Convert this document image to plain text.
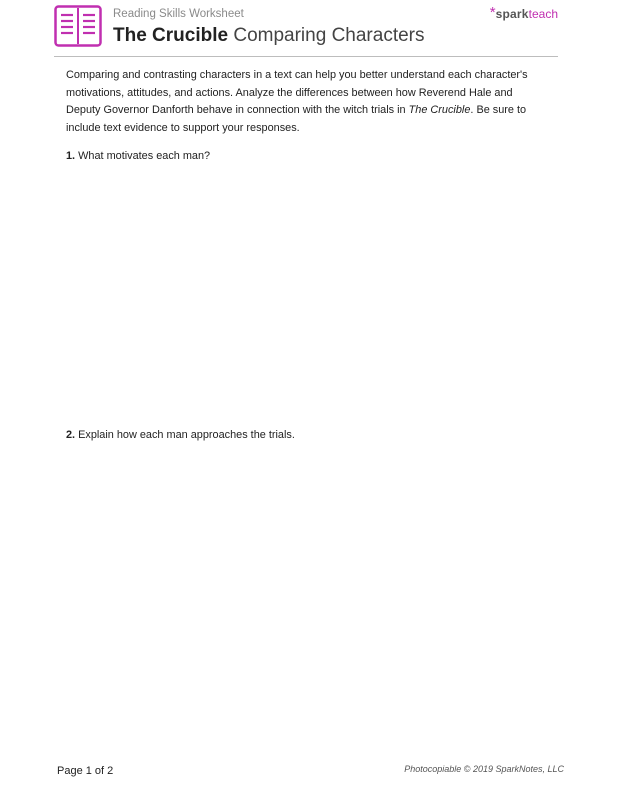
Reading Skills Worksheet
The Crucible Comparing Characters
*sparkteach

Comparing and contrasting characters in a text can help you better understand each character's motivations, attitudes, and actions. Analyze the differences between how Reverend Hale and Deputy Governor Danforth behave in connection with the witch trials in The Crucible. Be sure to include text evidence to support your responses.

1. What motivates each man?
2. Explain how each man approaches the trials.
Page 1 of 2	Photocopiable © 2019 SparkNotes, LLC
